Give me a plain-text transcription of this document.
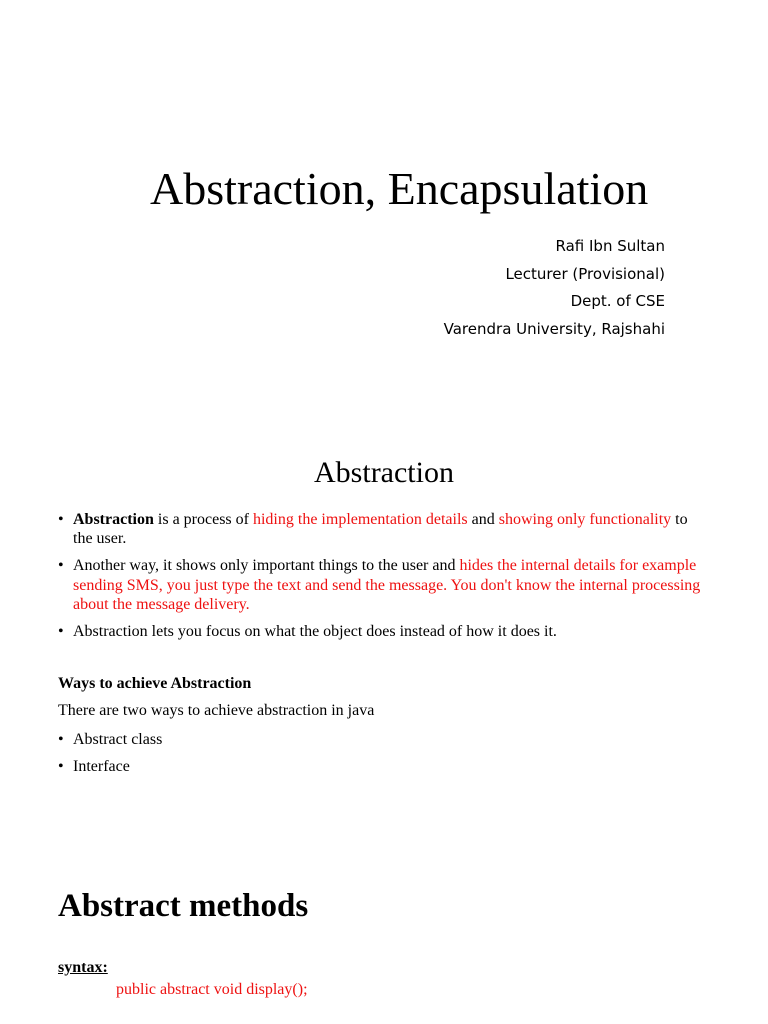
Abstraction, Encapsulation
Rafi Ibn Sultan
Lecturer (Provisional)
Dept. of CSE
Varendra University, Rajshahi
Abstraction
• Abstraction is a process of hiding the implementation details and showing only functionality to the user.
• Another way, it shows only important things to the user and hides the internal details for example sending SMS, you just type the text and send the message. You don't know the internal processing about the message delivery.
• Abstraction lets you focus on what the object does instead of how it does it.
Ways to achieve Abstraction
There are two ways to achieve abstraction in java
• Abstract class
• Interface
Abstract methods
syntax:
public abstract void display();
